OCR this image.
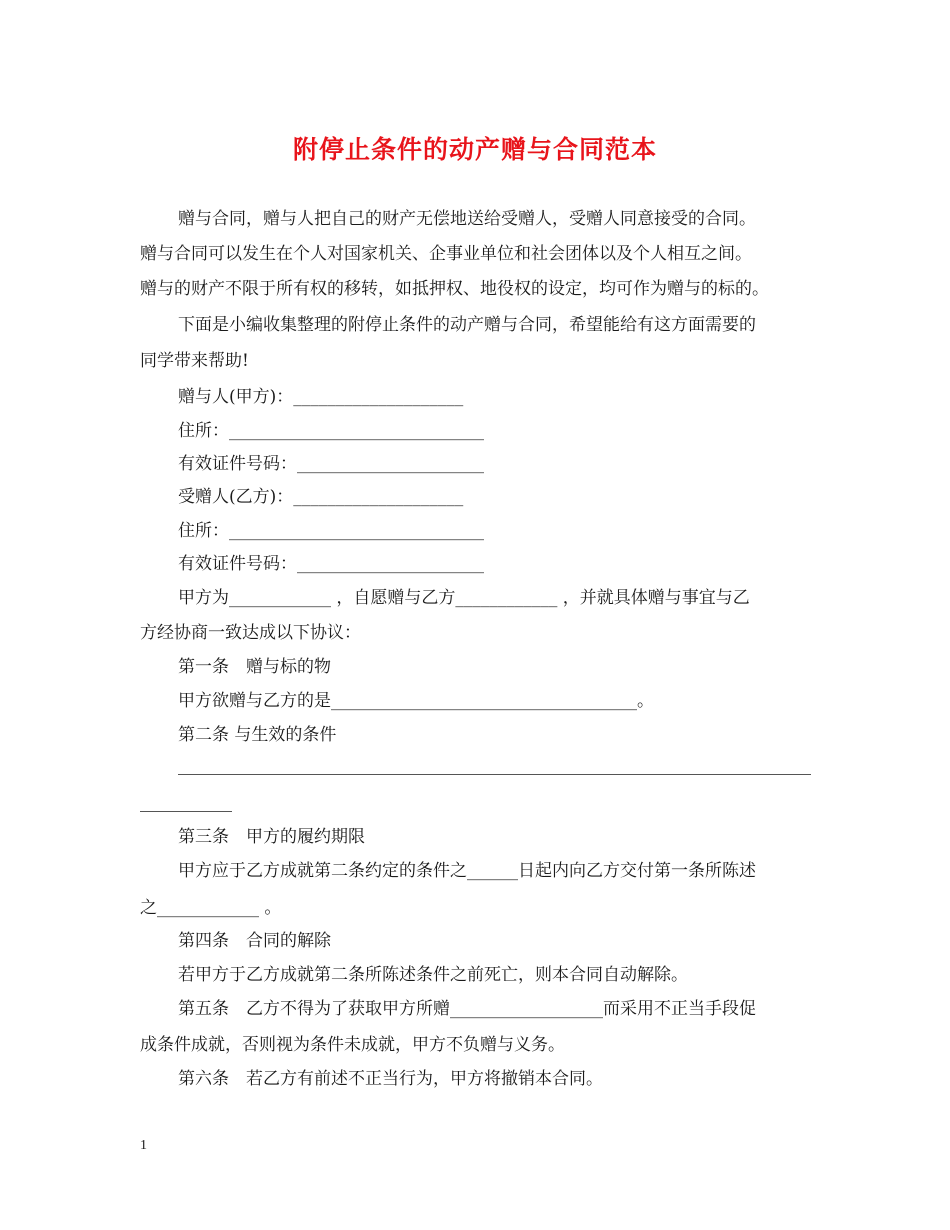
附停止条件的动产赠与合同范本
赠与合同，赠与人把自己的财产无偿地送给受赠人，受赠人同意接受的合同。
赠与合同可以发生在个人对国家机关、企事业单位和社会团体以及个人相互之间。
赠与的财产不限于所有权的移转，如抵押权、地役权的设定，均可作为赠与的标的。
下面是小编收集整理的附停止条件的动产赠与合同，希望能给有这方面需要的
同学带来帮助!
赠与人(甲方)：____________________
住所：______________________________
有效证件号码：______________________
受赠人(乙方)：____________________
住所：______________________________
有效证件号码：______________________
甲方为____________ ，自愿赠与乙方____________ ，并就具体赠与事宜与乙
方经协商一致达成以下协议：
第一条　赠与标的物
甲方欲赠与乙方的是____________________________________。
第二条 与生效的条件
第三条　甲方的履约期限
甲方应于乙方成就第二条约定的条件之______日起内向乙方交付第一条所陈述
之____________ 。
第四条　合同的解除
若甲方于乙方成就第二条所陈述条件之前死亡，则本合同自动解除。
第五条　乙方不得为了获取甲方所赠__________________而采用不正当手段促
成条件成就，否则视为条件未成就，甲方不负赠与义务。
第六条　若乙方有前述不正当行为，甲方将撤销本合同。
1
